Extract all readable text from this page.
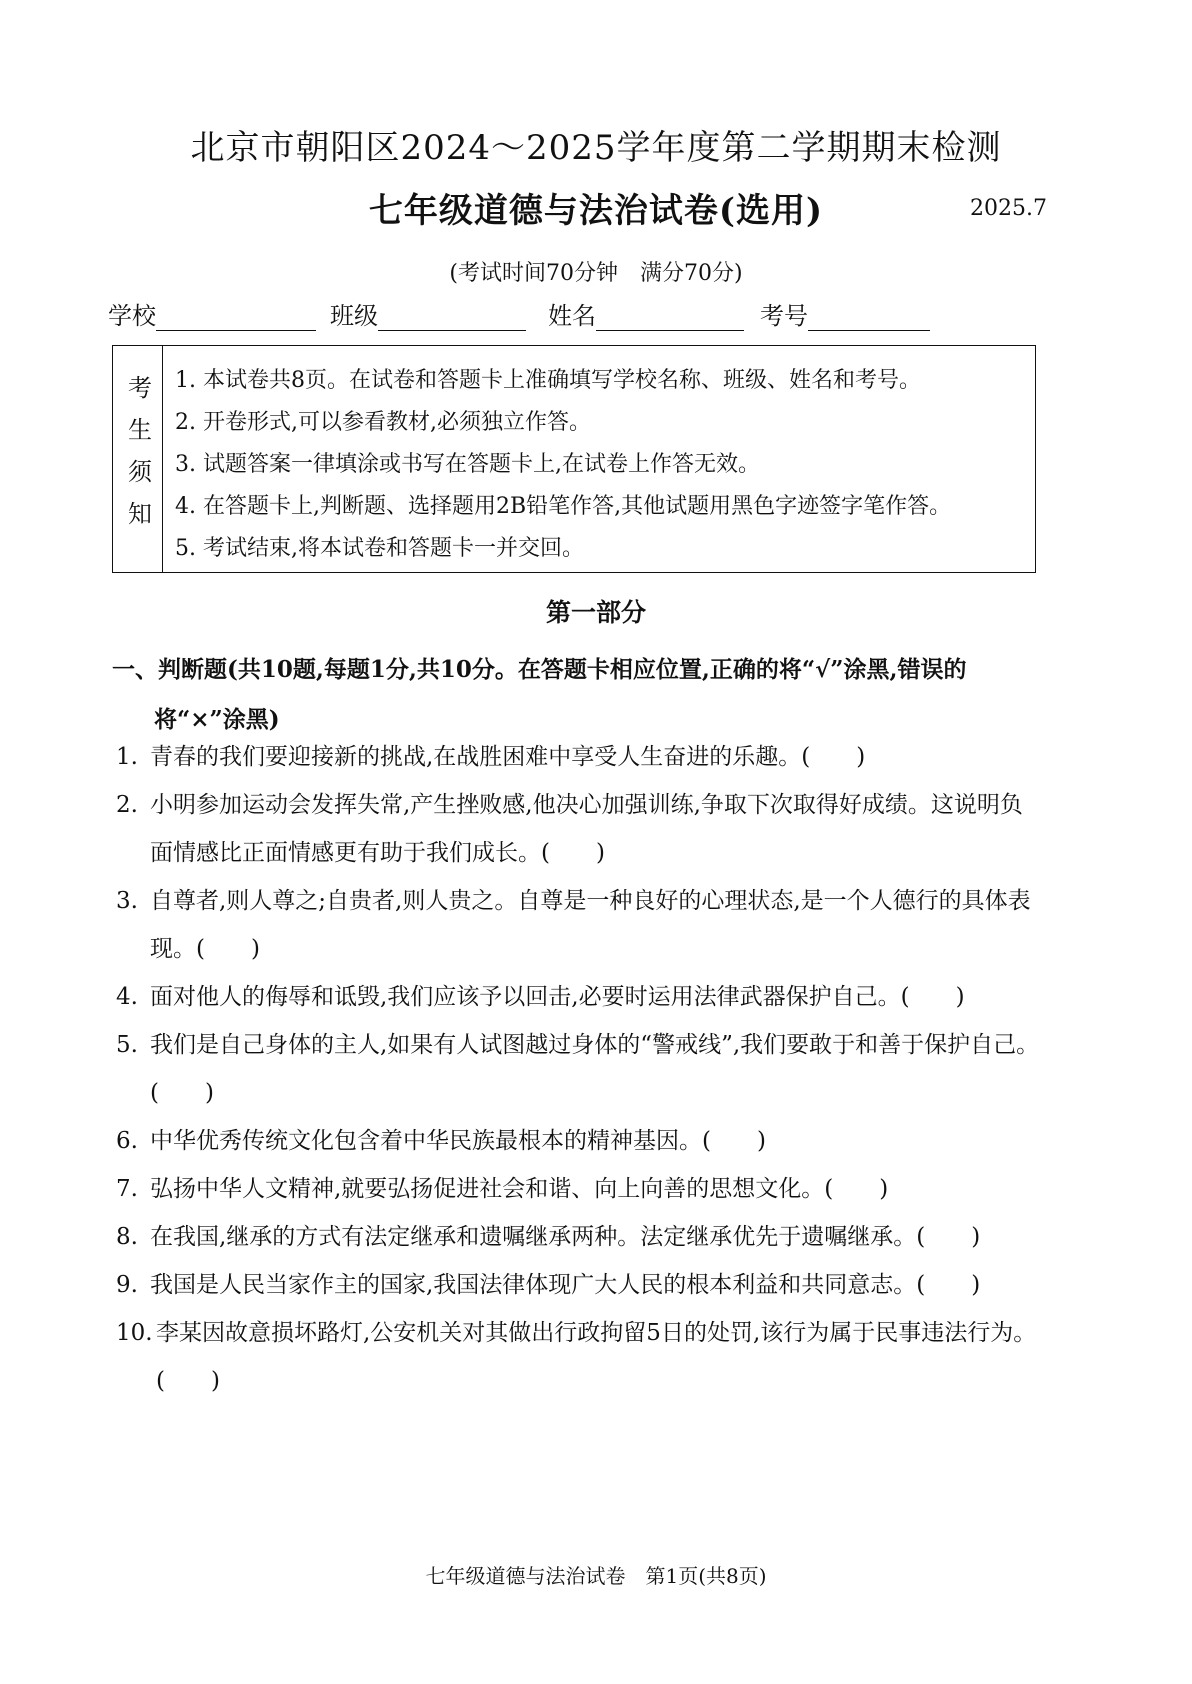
北京市朝阳区2024～2025学年度第二学期期末检测
七年级道德与法治试卷(选用)	2025.7
(考试时间70分钟　满分70分)
学校	班级	姓名	考号
考生须知 1. 本试卷共8页。在试卷和答题卡上准确填写学校名称、班级、姓名和考号。
2. 开卷形式,可以参看教材,必须独立作答。
3. 试题答案一律填涂或书写在答题卡上,在试卷上作答无效。
4. 在答题卡上,判断题、选择题用2B铅笔作答,其他试题用黑色字迹签字笔作答。
5. 考试结束,将本试卷和答题卡一并交回。
第一部分
一、判断题(共10题,每题1分,共10分。在答题卡相应位置,正确的将“√”涂黑,错误的
将“×”涂黑)
1. 青春的我们要迎接新的挑战,在战胜困难中享受人生奋进的乐趣。(　　)
2. 小明参加运动会发挥失常,产生挫败感,他决心加强训练,争取下次取得好成绩。这说明负面情感比正面情感更有助于我们成长。(　　)
3. 自尊者,则人尊之;自贵者,则人贵之。自尊是一种良好的心理状态,是一个人德行的具体表现。(　　)
4. 面对他人的侮辱和诋毁,我们应该予以回击,必要时运用法律武器保护自己。(　　)
5. 我们是自己身体的主人,如果有人试图越过身体的“警戒线”,我们要敢于和善于保护自己。(　　)
6. 中华优秀传统文化包含着中华民族最根本的精神基因。(　　)
7. 弘扬中华人文精神,就要弘扬促进社会和谐、向上向善的思想文化。(　　)
8. 在我国,继承的方式有法定继承和遗嘱继承两种。法定继承优先于遗嘱继承。(　　)
9. 我国是人民当家作主的国家,我国法律体现广大人民的根本利益和共同意志。(　　)
10. 李某因故意损坏路灯,公安机关对其做出行政拘留5日的处罚,该行为属于民事违法行为。(　　)
七年级道德与法治试卷　第1页(共8页)
